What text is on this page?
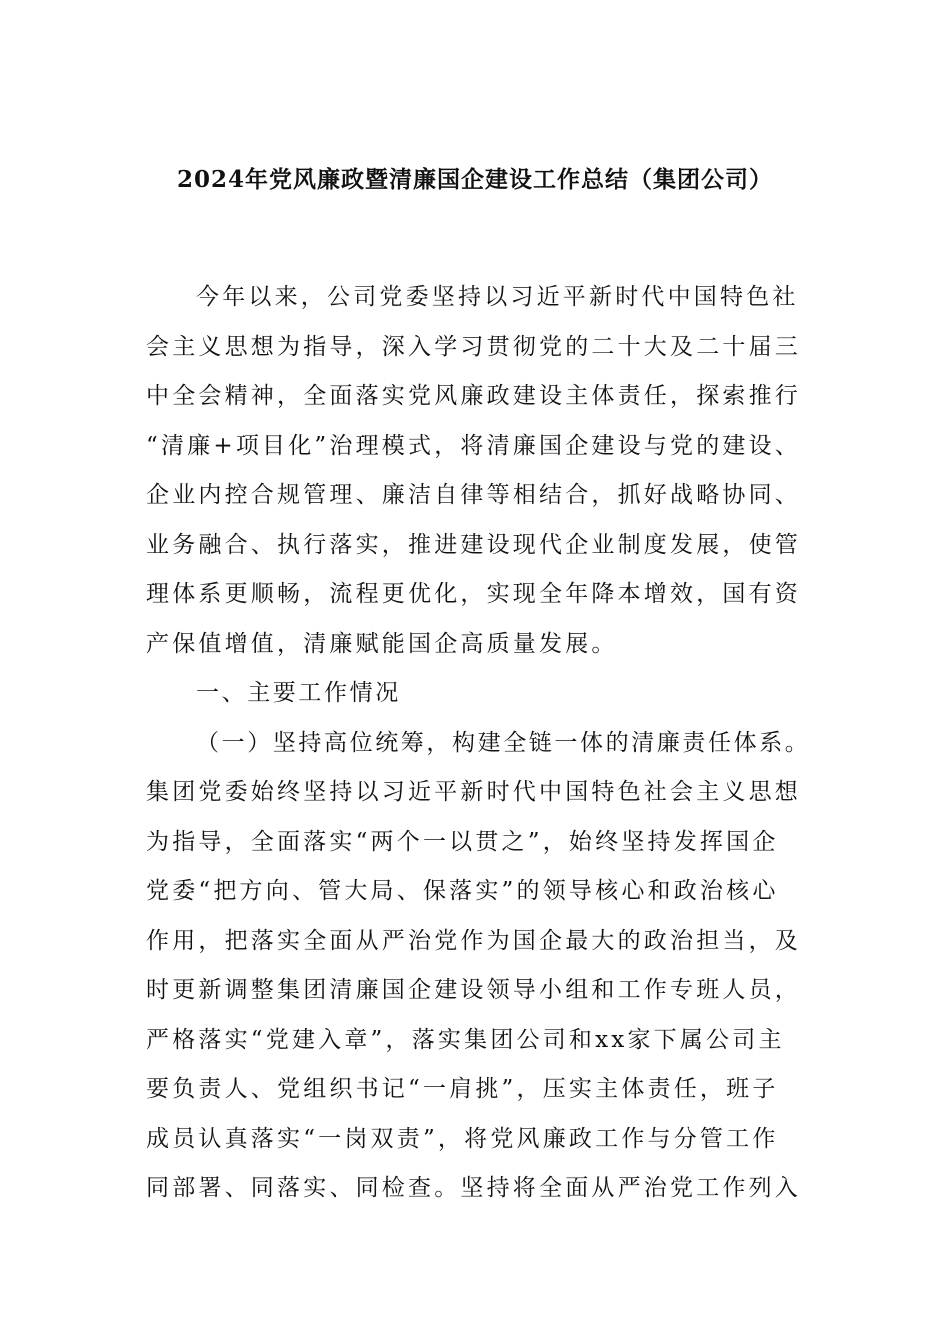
2024年党风廉政暨清廉国企建设工作总结（集团公司）
今年以来，公司党委坚持以习近平新时代中国特色社
会主义思想为指导，深入学习贯彻党的二十大及二十届三
中全会精神，全面落实党风廉政建设主体责任，探索推行
“清廉+项目化”治理模式，将清廉国企建设与党的建设、
企业内控合规管理、廉洁自律等相结合，抓好战略协同、
业务融合、执行落实，推进建设现代企业制度发展，使管
理体系更顺畅，流程更优化，实现全年降本增效，国有资
产保值增值，清廉赋能国企高质量发展。
一、主要工作情况
（一）坚持高位统筹，构建全链一体的清廉责任体系。
集团党委始终坚持以习近平新时代中国特色社会主义思想
为指导，全面落实“两个一以贯之”，始终坚持发挥国企
党委“把方向、管大局、保落实”的领导核心和政治核心
作用，把落实全面从严治党作为国企最大的政治担当，及
时更新调整集团清廉国企建设领导小组和工作专班人员，
严格落实“党建入章”，落实集团公司和xx家下属公司主
要负责人、党组织书记“一肩挑”，压实主体责任，班子
成员认真落实“一岗双责”，将党风廉政工作与分管工作
同部署、同落实、同检查。坚持将全面从严治党工作列入
